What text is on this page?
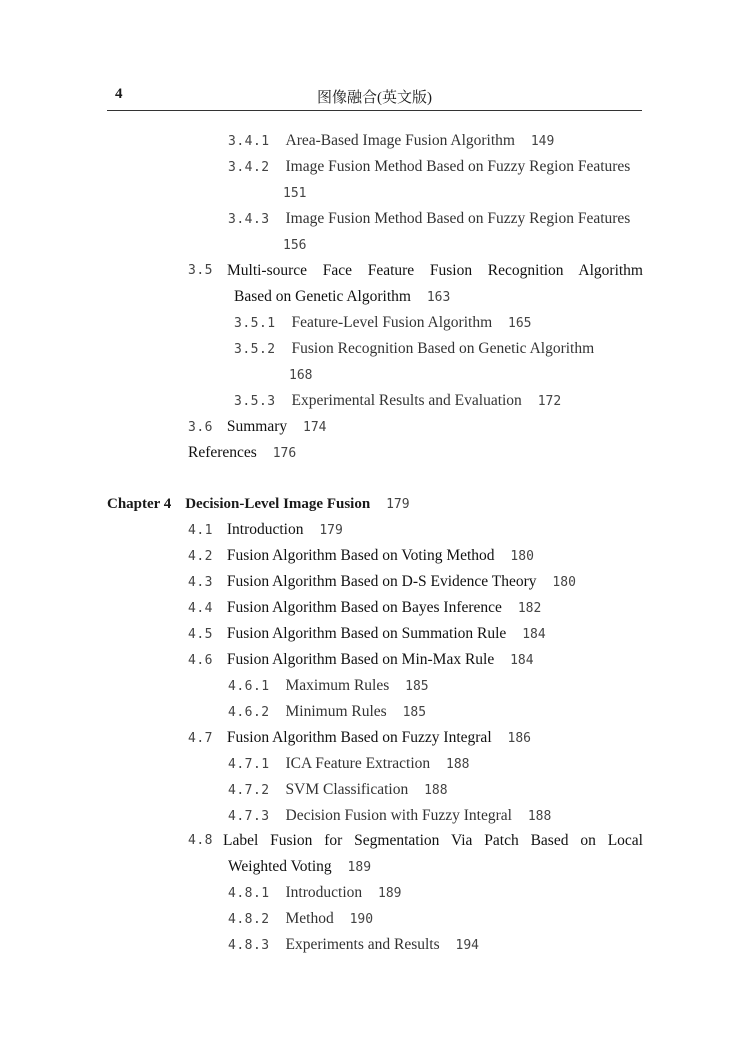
4	图像融合(英文版)
3.4.1 Area-Based Image Fusion Algorithm 149
3.4.2 Image Fusion Method Based on Fuzzy Region Features
151
3.4.3 Image Fusion Method Based on Fuzzy Region Features
156
3.5 Multi-source Face Feature Fusion Recognition Algorithm
Based on Genetic Algorithm 163
3.5.1 Feature-Level Fusion Algorithm 165
3.5.2 Fusion Recognition Based on Genetic Algorithm
168
3.5.3 Experimental Results and Evaluation 172
3.6 Summary 174
References 176
Chapter 4 Decision-Level Image Fusion 179
4.1 Introduction 179
4.2 Fusion Algorithm Based on Voting Method 180
4.3 Fusion Algorithm Based on D-S Evidence Theory 180
4.4 Fusion Algorithm Based on Bayes Inference 182
4.5 Fusion Algorithm Based on Summation Rule 184
4.6 Fusion Algorithm Based on Min-Max Rule 184
4.6.1 Maximum Rules 185
4.6.2 Minimum Rules 185
4.7 Fusion Algorithm Based on Fuzzy Integral 186
4.7.1 ICA Feature Extraction 188
4.7.2 SVM Classification 188
4.7.3 Decision Fusion with Fuzzy Integral 188
4.8 Label Fusion for Segmentation Via Patch Based on Local
Weighted Voting 189
4.8.1 Introduction 189
4.8.2 Method 190
4.8.3 Experiments and Results 194
